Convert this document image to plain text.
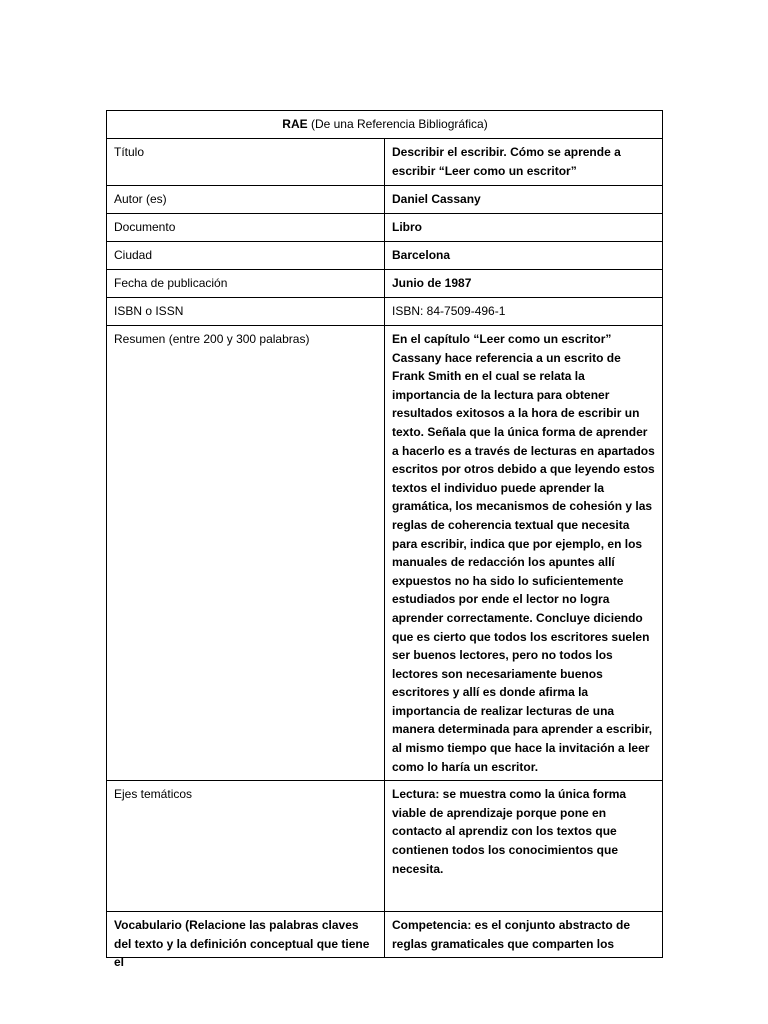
RAE (De una Referencia Bibliográfica)	
Título	Describir el escribir. Cómo se aprende a escribir “Leer como un escritor”
Autor (es)	Daniel Cassany
Documento	Libro
Ciudad	Barcelona
Fecha de publicación	Junio de 1987
ISBN o ISSN	ISBN: 84-7509-496-1
Resumen (entre 200 y 300 palabras)	En el capítulo “Leer como un escritor” Cassany hace referencia a un escrito de Frank Smith en el cual se relata la importancia de la lectura para obtener resultados exitosos a la hora de escribir un texto. Señala que la única forma de aprender a hacerlo es a través de lecturas en apartados escritos por otros debido a que leyendo estos textos el individuo puede aprender la gramática, los mecanismos de cohesión y las reglas de coherencia textual que necesita para escribir, indica que por ejemplo, en los manuales de redacción los apuntes allí expuestos no ha sido lo suficientemente estudiados por ende el lector no logra aprender correctamente. Concluye diciendo que es cierto que todos los escritores suelen ser buenos lectores, pero no todos los lectores son necesariamente buenos escritores y allí es donde afirma la importancia de realizar lecturas de una manera determinada para aprender a escribir, al mismo tiempo que hace la invitación a leer como lo haría un escritor.
Ejes temáticos	Lectura: se muestra como la única forma viable de aprendizaje porque pone en contacto al aprendiz con los textos que contienen todos los conocimientos que necesita.

Vocabulario (Relacione las palabras claves del texto y la definición conceptual que tiene el	Competencia: es el conjunto abstracto de reglas gramaticales que comparten los
